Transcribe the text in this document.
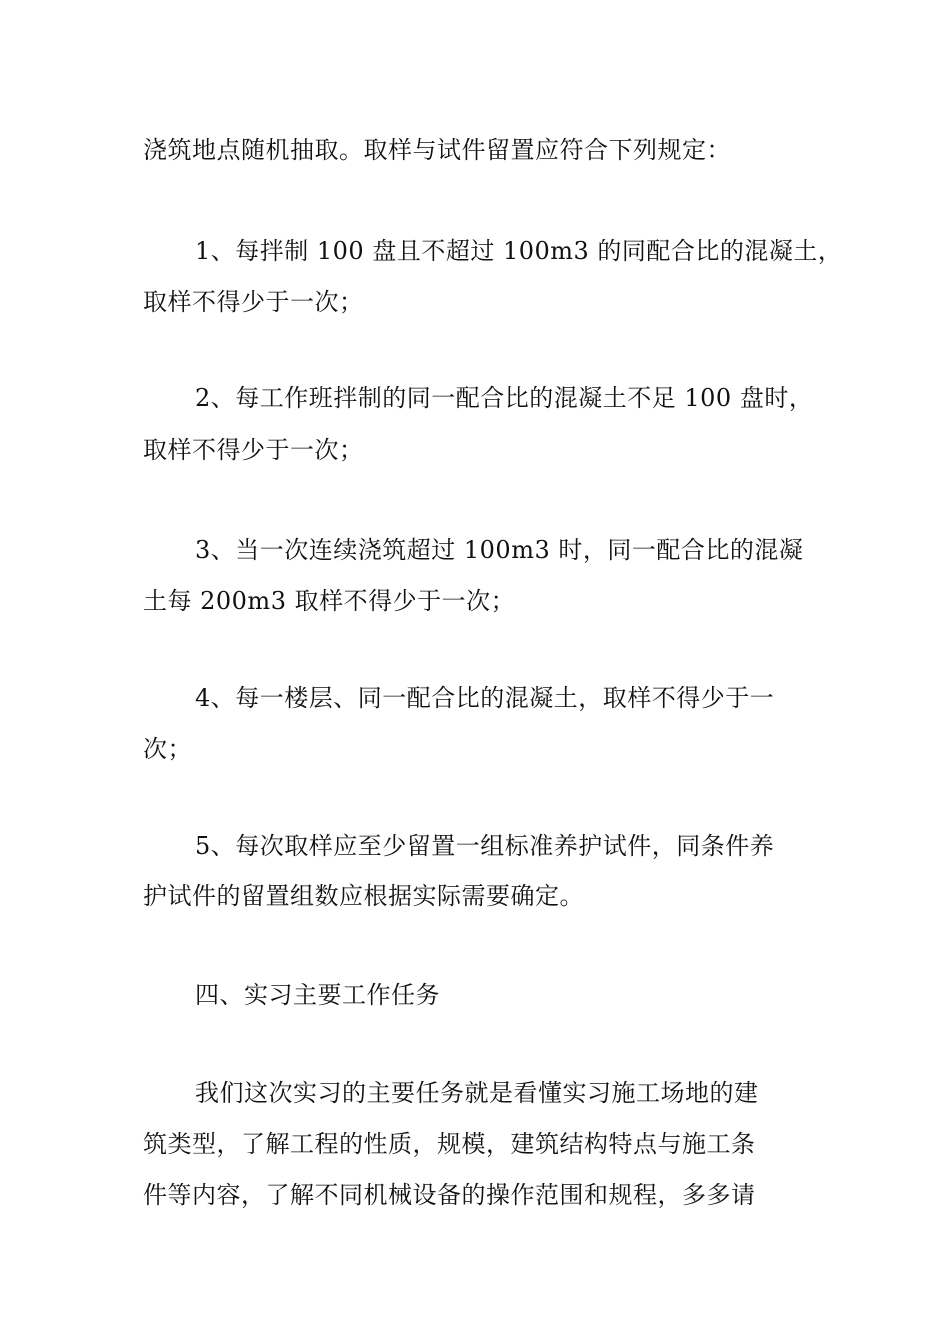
浇筑地点随机抽取。取样与试件留置应符合下列规定：
1、每拌制 100 盘且不超过 100m3 的同配合比的混凝土，
取样不得少于一次；
2、每工作班拌制的同一配合比的混凝土不足 100 盘时，
取样不得少于一次；
3、当一次连续浇筑超过 100m3 时，同一配合比的混凝
土每 200m3 取样不得少于一次；
4、每一楼层、同一配合比的混凝土，取样不得少于一
次；
5、每次取样应至少留置一组标准养护试件，同条件养
护试件的留置组数应根据实际需要确定。
四、实习主要工作任务
我们这次实习的主要任务就是看懂实习施工场地的建
筑类型，了解工程的性质，规模，建筑结构特点与施工条
件等内容，了解不同机械设备的操作范围和规程，多多请
